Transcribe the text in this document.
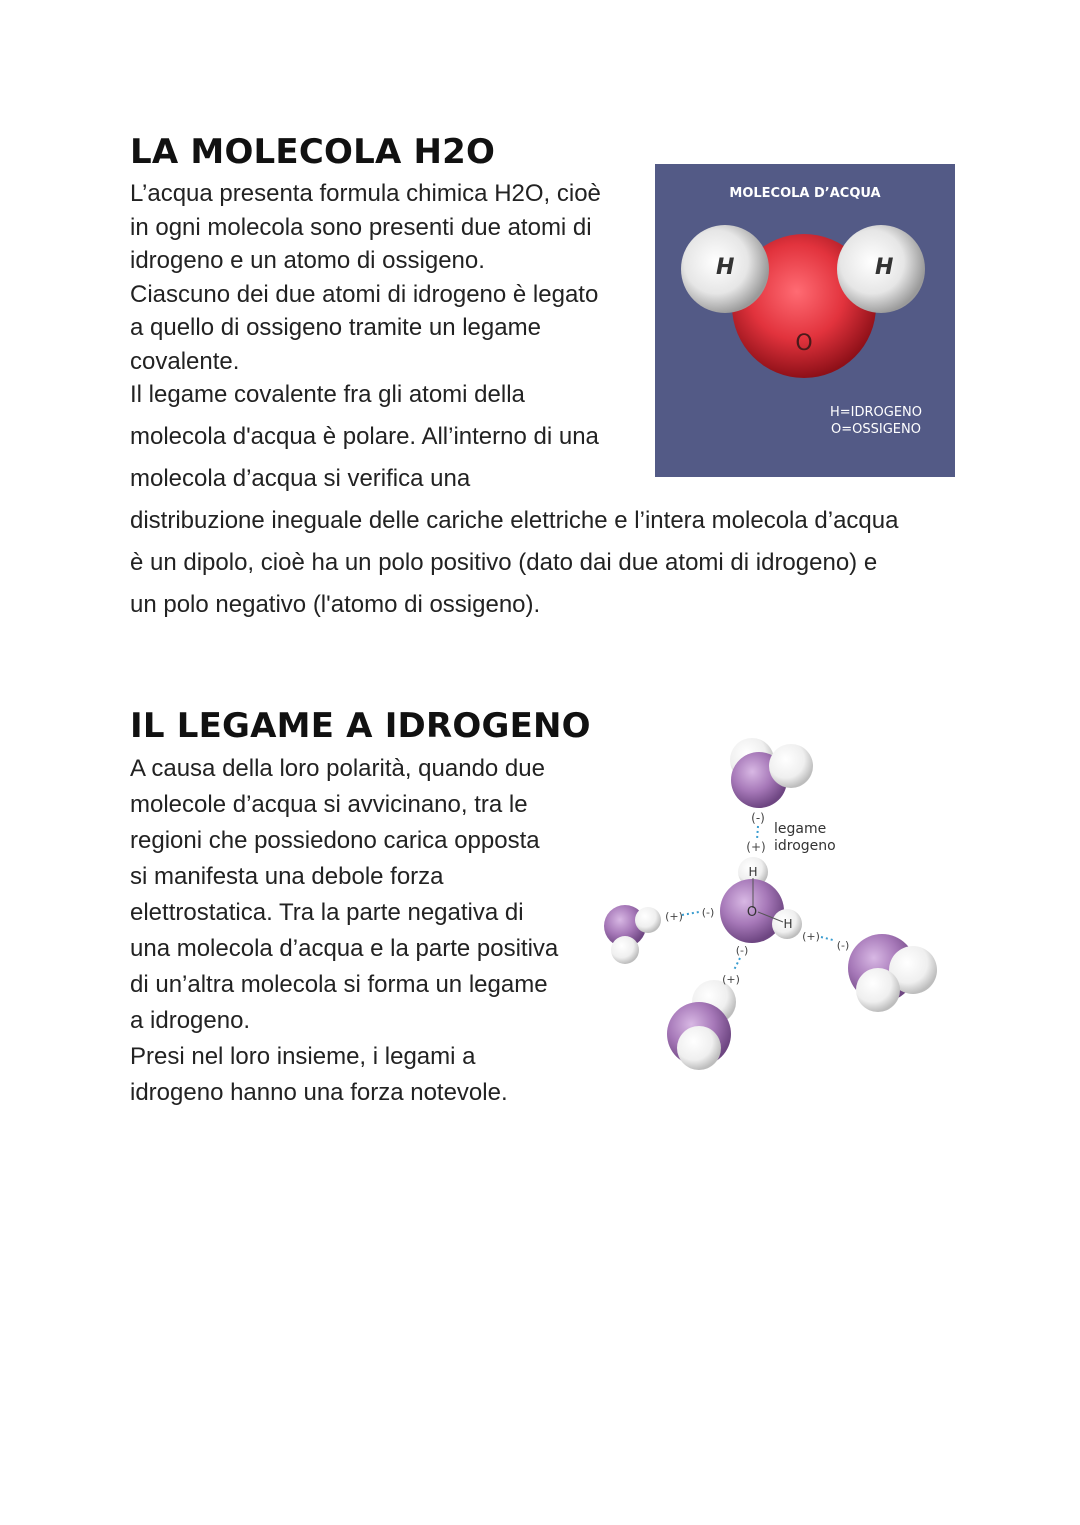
LA MOLECOLA H2O
L’acqua presenta formula chimica H2O, cioè
in ogni molecola sono presenti due atomi di
idrogeno e un atomo di ossigeno.
Ciascuno dei due atomi di idrogeno è legato
a quello di ossigeno tramite un legame
covalente.
Il legame covalente fra gli atomi della
molecola d'acqua è polare. All’interno di una
molecola d’acqua si verifica una
distribuzione ineguale delle cariche elettriche e l’intera molecola d’acqua
è un dipolo, cioè ha un polo positivo (dato dai due atomi di idrogeno) e
un polo negativo (l'atomo di ossigeno).
MOLECOLA D’ACQUA
H	H
O
H=IDROGENO
O=OSSIGENO
IL LEGAME A IDROGENO
A causa della loro polarità, quando due
molecole d’acqua si avvicinano, tra le
regioni che possiedono carica opposta
si manifesta una debole forza
elettrostatica. Tra la parte negativa di
una molecola d’acqua e la parte positiva
di un’altra molecola si forma un legame
a idrogeno.
Presi nel loro insieme, i legami a
idrogeno hanno una forza notevole.
H
O
H
(-)
(+)
(+) (-)
(+)
(-)
(-)
(+)
legame
idrogeno
